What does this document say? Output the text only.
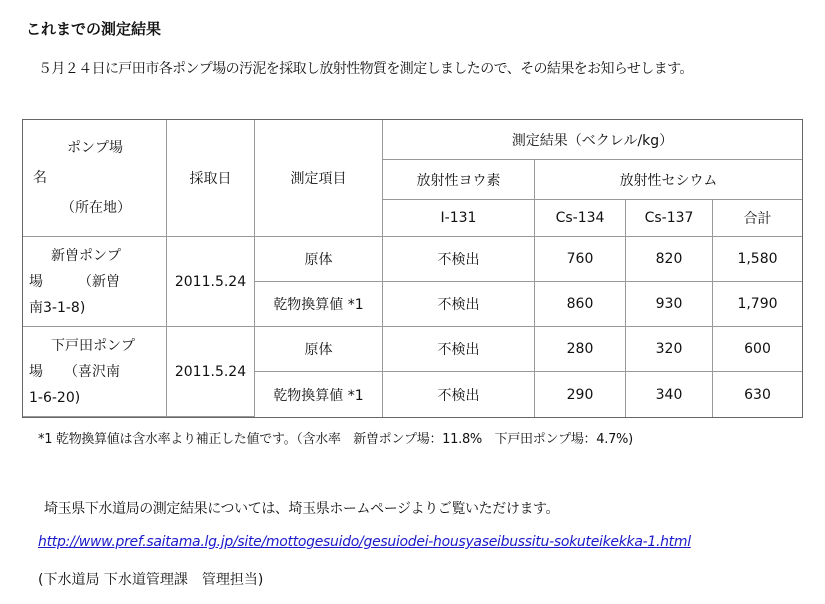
これまでの測定結果
５月２４日に戸田市各ポンプ場の汚泥を採取し放射性物質を測定しましたので、その結果をお知らせします。
ポンプ場
名
（所在地）	採取日	測定項目	測定結果（ベクレル/kg）			
			放射性ヨウ素	放射性セシウム		
			I-131	Cs-134	Cs-137	合計

新曽ポンプ
場　　　（新曽
南3-1-8)	2011.5.24	原体	不検出	760	820	1,580
		乾物換算値 *1	不検出	860	930	1,790

下戸田ポンプ
場　　（喜沢南
1-6-20)	2011.5.24	原体	不検出	280	320	600
		乾物換算値 *1	不検出	290	340	630
*1 乾物換算値は含水率より補正した値です。（含水率　新曽ポンプ場：11.8%　下戸田ポンプ場：4.7%)
埼玉県下水道局の測定結果については、埼玉県ホームページよりご覧いただけます。
http://www.pref.saitama.lg.jp/site/mottogesuido/gesuiodei-housyaseibussitu-sokuteikekka-1.html
(下水道局 下水道管理課　管理担当)
